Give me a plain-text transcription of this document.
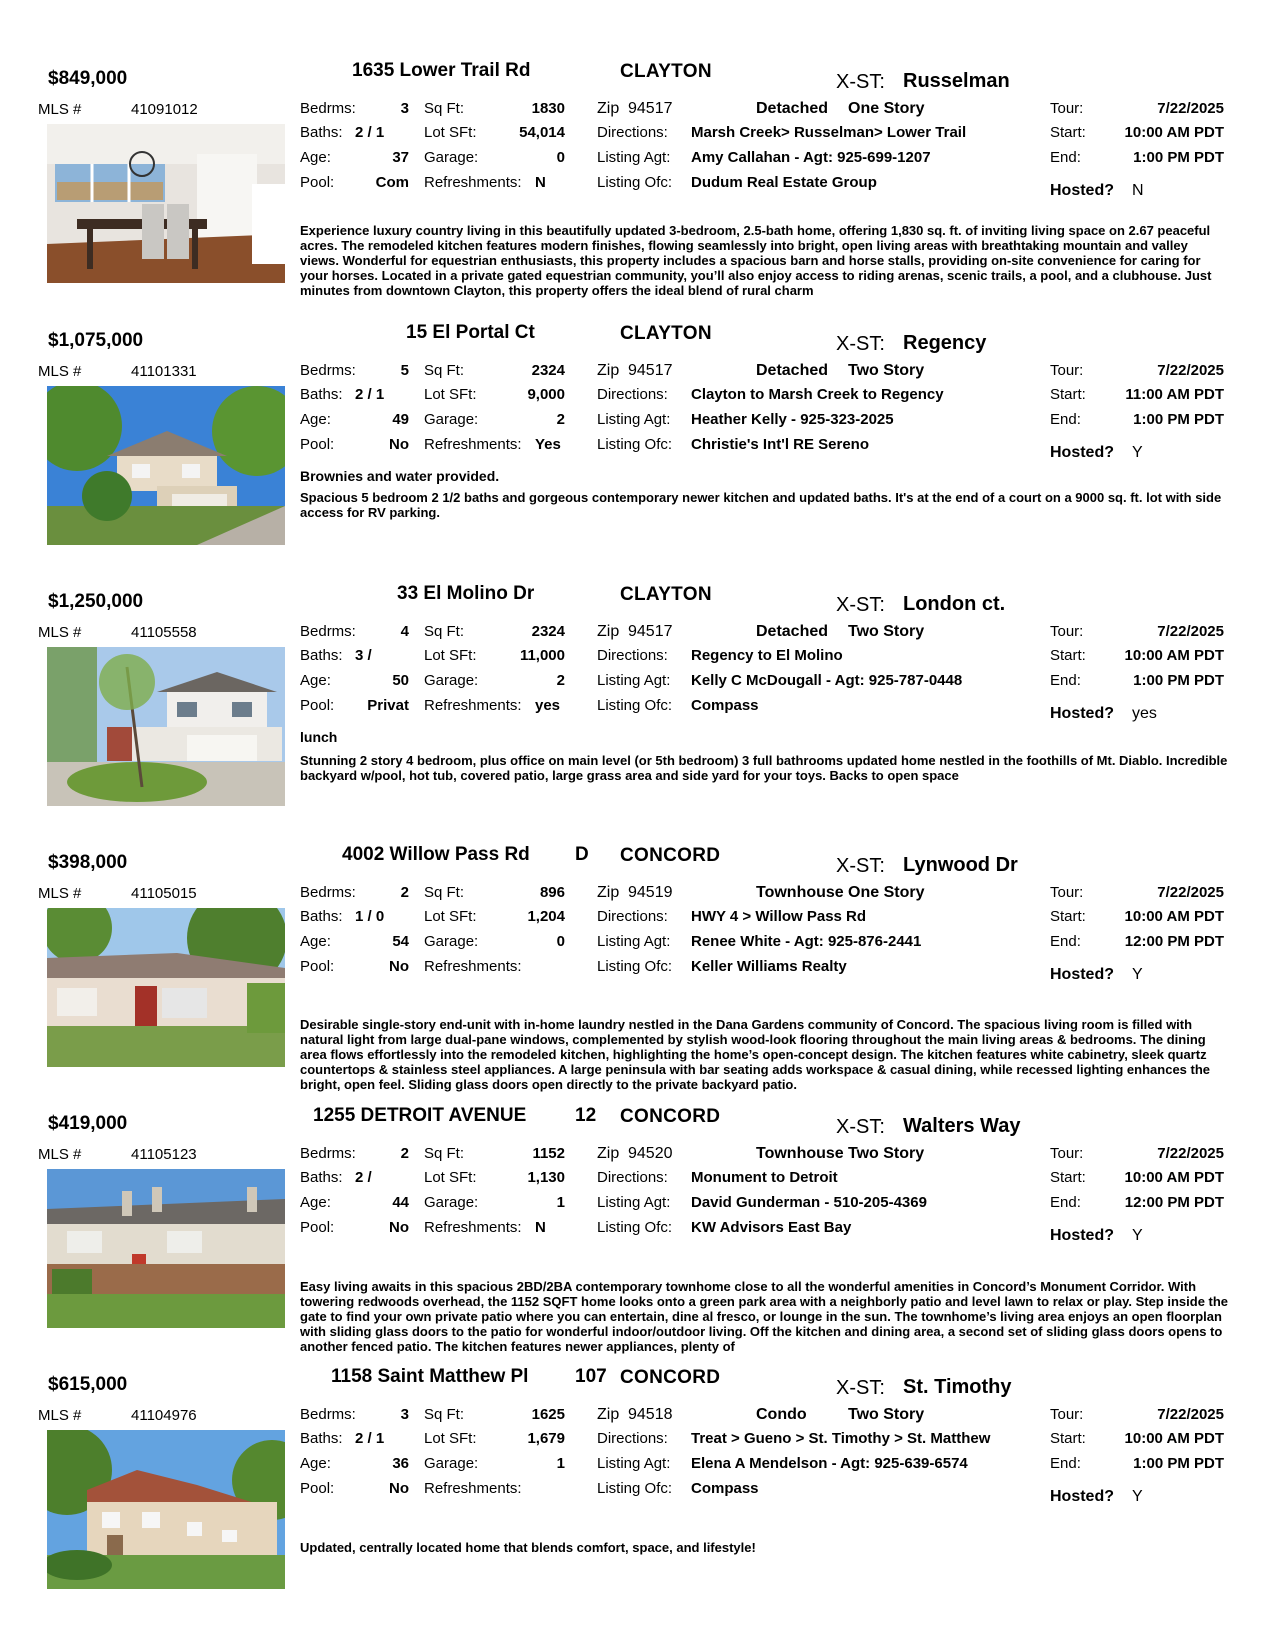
$849,000	1635 Lower Trail Rd	CLAYTON	X-ST: Russelman
MLS #	41091012	Bedrms:	3 Sq Ft:	1830 Zip 94517	Detached One Story	Tour:	7/22/2025
Baths: 2 / 1	Lot SFt:	54,014 Directions: Marsh Creek> Russelman> Lower Trail	Start:	10:00 AM PDT
Age:	37 Garage:	0 Listing Agt: Amy Callahan - Agt: 925-699-1207	End:	1:00 PM PDT
Pool:	Com Refreshments: N	Listing Ofc: Dudum Real Estate Group	Hosted? N
Experience luxury country living in this beautifully updated 3-bedroom, 2.5-bath home, offering 1,830 sq. ft. of inviting living space on 2.67 peaceful acres. The remodeled kitchen features modern finishes, flowing seamlessly into bright, open living areas with breathtaking mountain and valley views. Wonderful for equestrian enthusiasts, this property includes a spacious barn and horse stalls, providing on-site convenience for caring for your horses. Located in a private gated equestrian community, you’ll also enjoy access to riding arenas, scenic trails, a pool, and a clubhouse. Just minutes from downtown Clayton, this property offers the ideal blend of rural charm
$1,075,000	15 El Portal Ct	CLAYTON	X-ST: Regency
MLS #	41101331	Bedrms:	5 Sq Ft:	2324 Zip 94517	Detached Two Story	Tour:	7/22/2025
Baths: 2 / 1	Lot SFt:	9,000 Directions: Clayton to Marsh Creek to Regency	Start:	11:00 AM PDT
Age:	49 Garage:	2 Listing Agt: Heather Kelly - 925-323-2025	End:	1:00 PM PDT
Pool:	No Refreshments: Yes Listing Ofc: Christie's Int'l RE Sereno	Hosted? Y
Brownies and water provided.
Spacious 5 bedroom 2 1/2 baths and gorgeous contemporary newer kitchen and updated baths. It's at the end of a court on a 9000 sq. ft. lot with side access for RV parking.
$1,250,000	33 El Molino Dr	CLAYTON	X-ST: London ct.
MLS #	41105558	Bedrms:	4 Sq Ft:	2324 Zip 94517	Detached Two Story	Tour:	7/22/2025
Baths: 3 /	Lot SFt:	11,000 Directions: Regency to El Molino	Start:	10:00 AM PDT
Age:	50 Garage:	2 Listing Agt: Kelly C McDougall - Agt: 925-787-0448	End:	1:00 PM PDT
Pool: Privat Refreshments: yes Listing Ofc: Compass	Hosted? yes
lunch
Stunning 2 story 4 bedroom, plus office on main level (or 5th bedroom) 3 full bathrooms updated home nestled in the foothills of Mt. Diablo. Incredible backyard w/pool, hot tub, covered patio, large grass area and side yard for your toys. Backs to open space
$398,000	4002 Willow Pass Rd D CONCORD	X-ST: Lynwood Dr
MLS #	41105015	Bedrms:	2 Sq Ft:	896 Zip 94519	Townhouse One Story	Tour:	7/22/2025
Baths: 1 / 0	Lot SFt:	1,204 Directions: HWY 4 > Willow Pass Rd	Start:	10:00 AM PDT
Age:	54 Garage:	0 Listing Agt: Renee White - Agt: 925-876-2441	End:	12:00 PM PDT
Pool:	No Refreshments:	Listing Ofc: Keller Williams Realty	Hosted? Y
Desirable single-story end-unit with in-home laundry nestled in the Dana Gardens community of Concord. The spacious living room is filled with natural light from large dual-pane windows, complemented by stylish wood-look flooring throughout the main living areas & bedrooms. The dining area flows effortlessly into the remodeled kitchen, highlighting the home’s open-concept design. The kitchen features white cabinetry, sleek quartz countertops & stainless steel appliances. A large peninsula with bar seating adds workspace & casual dining, while recessed lighting enhances the bright, open feel. Sliding glass doors open directly to the private backyard patio.
$419,000	1255 DETROIT AVENUE	12 CONCORD	X-ST: Walters Way
MLS #	41105123	Bedrms:	2 Sq Ft:	1152 Zip 94520	Townhouse Two Story	Tour:	7/22/2025
Baths: 2 /	Lot SFt:	1,130 Directions: Monument to Detroit	Start:	10:00 AM PDT
Age:	44 Garage:	1 Listing Agt: David Gunderman - 510-205-4369	End:	12:00 PM PDT
Pool:	No Refreshments: N	Listing Ofc: KW Advisors East Bay	Hosted? Y
Easy living awaits in this spacious 2BD/2BA contemporary townhome close to all the wonderful amenities in Concord’s Monument Corridor. With towering redwoods overhead, the 1152 SQFT home looks onto a green park area with a neighborly patio and level lawn to relax or play. Step inside the gate to find your own private patio where you can entertain, dine al fresco, or lounge in the sun. The townhome’s living area enjoys an open floorplan with sliding glass doors to the patio for wonderful indoor/outdoor living. Off the kitchen and dining area, a second set of sliding glass doors opens to another fenced patio. The kitchen features newer appliances, plenty of
$615,000	1158 Saint Matthew Pl 107 CONCORD	X-ST: St. Timothy
MLS #	41104976	Bedrms:	3 Sq Ft:	1625 Zip 94518	Condo	Two Story	Tour:	7/22/2025
Baths: 2 / 1	Lot SFt:	1,679 Directions: Treat > Gueno > St. Timothy > St. Matthew	Start:	10:00 AM PDT
Age:	36 Garage:	1 Listing Agt: Elena A Mendelson - Agt: 925-639-6574	End:	1:00 PM PDT
Pool:	No Refreshments:	Listing Ofc: Compass	Hosted? Y
Updated, centrally located home that blends comfort, space, and lifestyle!
